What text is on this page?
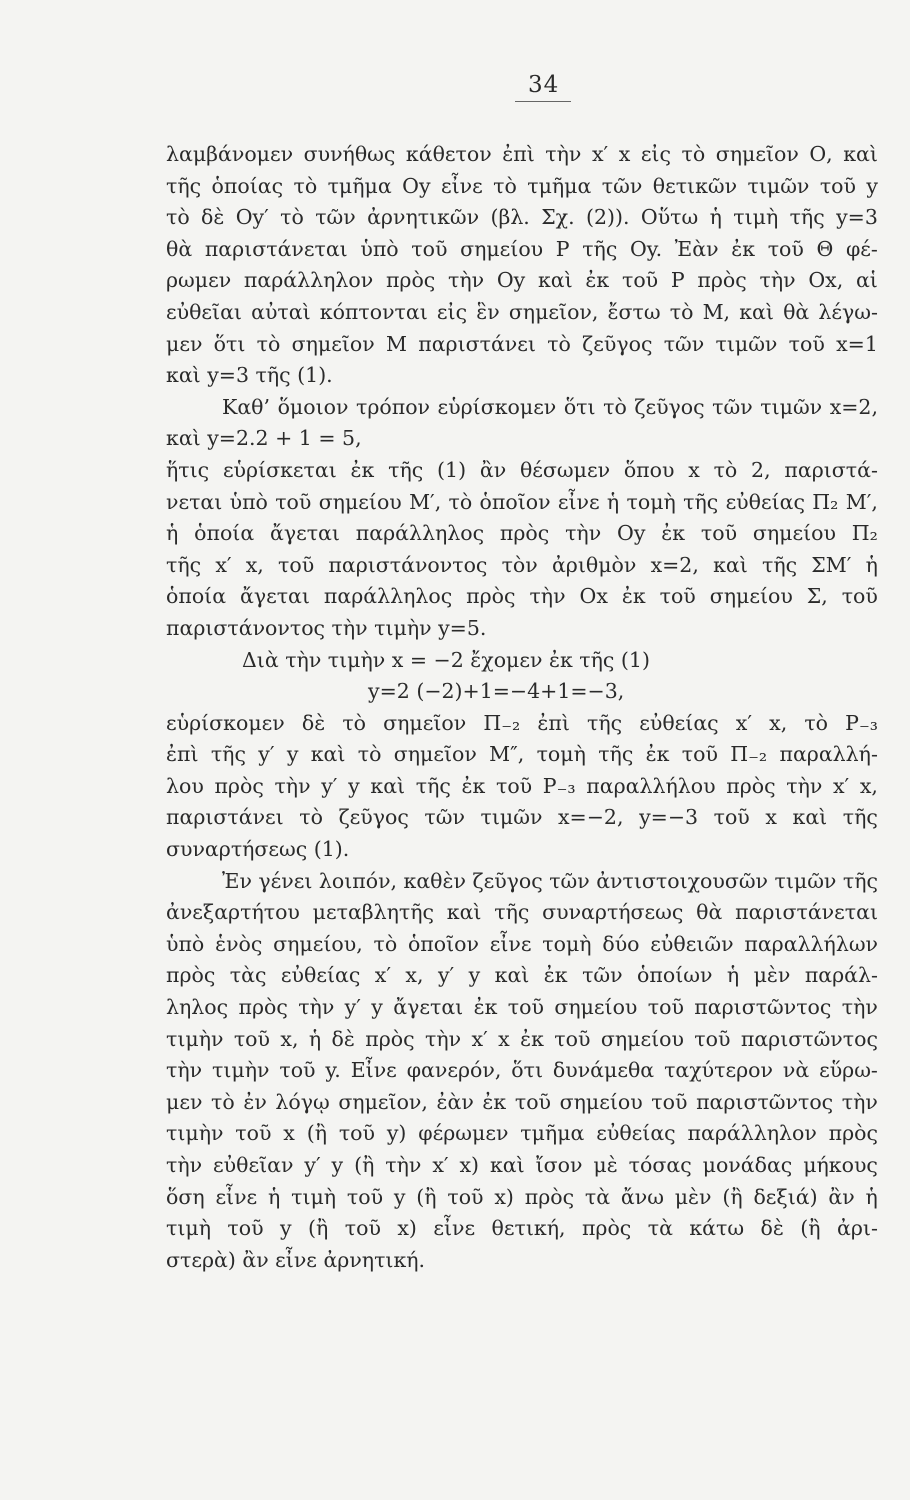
34
λαμβάνομεν συνήθως κάθετον ἐπὶ τὴν x′ x εἰς τὸ σημεῖον Ο, καὶ
τῆς ὁποίας τὸ τμῆμα Oy εἶνε τὸ τμῆμα τῶν θετικῶν τιμῶν τοῦ y
τὸ δὲ Oy′ τὸ τῶν ἀρνητικῶν (βλ. Σχ. (2)). Οὕτω ἡ τιμὴ τῆς y=3
θὰ παριστάνεται ὑπὸ τοῦ σημείου Ρ τῆς Oy. Ἐὰν ἐκ τοῦ Θ φέ-
ρωμεν παράλληλον πρὸς τὴν Oy καὶ ἐκ τοῦ Ρ πρὸς τὴν Ox, αἱ
εὐθεῖαι αὐταὶ κόπτονται εἰς ἓν σημεῖον, ἔστω τὸ Μ, καὶ θὰ λέγω-
μεν ὅτι τὸ σημεῖον Μ παριστάνει τὸ ζεῦγος τῶν τιμῶν τοῦ x=1
καὶ y=3 τῆς (1).
Καθ’ ὅμοιον τρόπον εὑρίσκομεν ὅτι τὸ ζεῦγος τῶν τιμῶν x=2,
καὶ y=2.2 + 1 = 5,
ἥτις εὑρίσκεται ἐκ τῆς (1) ἂν θέσωμεν ὅπου x τὸ 2, παριστά-
νεται ὑπὸ τοῦ σημείου Μ′, τὸ ὁποῖον εἶνε ἡ τομὴ τῆς εὐθείας Π₂ Μ′,
ἡ ὁποία ἄγεται παράλληλος πρὸς τὴν Oy ἐκ τοῦ σημείου Π₂
τῆς x′ x, τοῦ παριστάνοντος τὸν ἀριθμὸν x=2, καὶ τῆς ΣΜ′ ἡ
ὁποία ἄγεται παράλληλος πρὸς τὴν Ox ἐκ τοῦ σημείου Σ, τοῦ
παριστάνοντος τὴν τιμὴν y=5.
Διὰ τὴν τιμὴν x = −2 ἔχομεν ἐκ τῆς (1)
y=2 (−2)+1=−4+1=−3,
εὑρίσκομεν δὲ τὸ σημεῖον Π₋₂ ἐπὶ τῆς εὐθείας x′ x, τὸ Ρ₋₃
ἐπὶ τῆς y′ y καὶ τὸ σημεῖον Μ″, τομὴ τῆς ἐκ τοῦ Π₋₂ παραλλή-
λου πρὸς τὴν y′ y καὶ τῆς ἐκ τοῦ Ρ₋₃ παραλλήλου πρὸς τὴν x′ x,
παριστάνει τὸ ζεῦγος τῶν τιμῶν x=−2, y=−3 τοῦ x καὶ τῆς
συναρτήσεως (1).
Ἐν γένει λοιπόν, καθὲν ζεῦγος τῶν ἀντιστοιχουσῶν τιμῶν τῆς
ἀνεξαρτήτου μεταβλητῆς καὶ τῆς συναρτήσεως θὰ παριστάνεται
ὑπὸ ἑνὸς σημείου, τὸ ὁποῖον εἶνε τομὴ δύο εὐθειῶν παραλλήλων
πρὸς τὰς εὐθείας x′ x, y′ y καὶ ἐκ τῶν ὁποίων ἡ μὲν παράλ-
ληλος πρὸς τὴν y′ y ἄγεται ἐκ τοῦ σημείου τοῦ παριστῶντος τὴν
τιμὴν τοῦ x, ἡ δὲ πρὸς τὴν x′ x ἐκ τοῦ σημείου τοῦ παριστῶντος
τὴν τιμὴν τοῦ y. Εἶνε φανερόν, ὅτι δυνάμεθα ταχύτερον νὰ εὕρω-
μεν τὸ ἐν λόγῳ σημεῖον, ἐὰν ἐκ τοῦ σημείου τοῦ παριστῶντος τὴν
τιμὴν τοῦ x (ἢ τοῦ y) φέρωμεν τμῆμα εὐθείας παράλληλον πρὸς
τὴν εὐθεῖαν y′ y (ἢ τὴν x′ x) καὶ ἴσον μὲ τόσας μονάδας μήκους
ὅση εἶνε ἡ τιμὴ τοῦ y (ἢ τοῦ x) πρὸς τὰ ἄνω μὲν (ἢ δεξιά) ἂν ἡ
τιμὴ τοῦ y (ἢ τοῦ x) εἶνε θετική, πρὸς τὰ κάτω δὲ (ἢ ἀρι-
στερὰ) ἂν εἶνε ἀρνητική.
